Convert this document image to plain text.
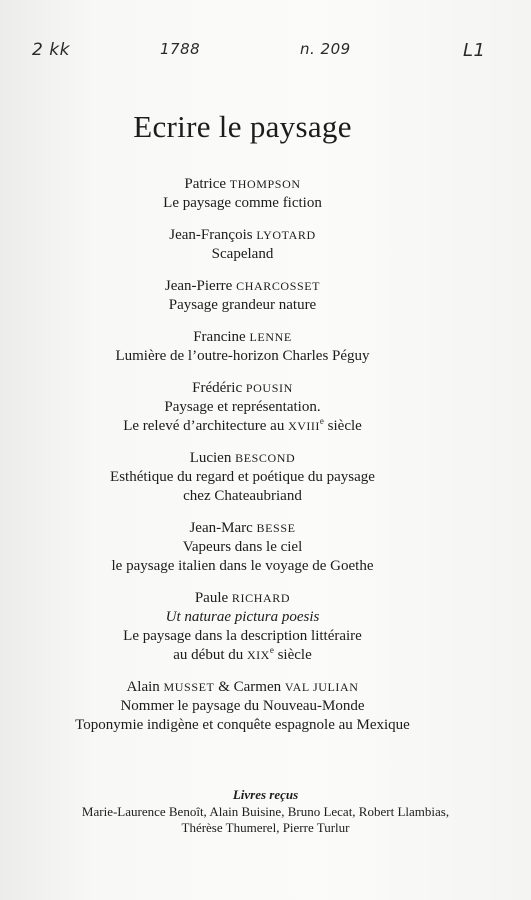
2 kk	1788	n. 209	L1
Ecrire le paysage
Patrice THOMPSON
Le paysage comme fiction
Jean-François LYOTARD
Scapeland
Jean-Pierre CHARCOSSET
Paysage grandeur nature
Francine LENNE
Lumière de l’outre-horizon Charles Péguy
Frédéric POUSIN
Paysage et représentation.
Le relevé d’architecture au XVIIIe siècle
Lucien BESCOND
Esthétique du regard et poétique du paysage
chez Chateaubriand
Jean-Marc BESSE
Vapeurs dans le ciel
le paysage italien dans le voyage de Goethe
Paule RICHARD
Ut naturae pictura poesis
Le paysage dans la description littéraire
au début du XIXe siècle
Alain MUSSET & Carmen VAL JULIAN
Nommer le paysage du Nouveau-Monde
Toponymie indigène et conquête espagnole au Mexique
Livres reçus
Marie-Laurence Benoît, Alain Buisine, Bruno Lecat, Robert Llambias,
Thérèse Thumerel, Pierre Turlur
